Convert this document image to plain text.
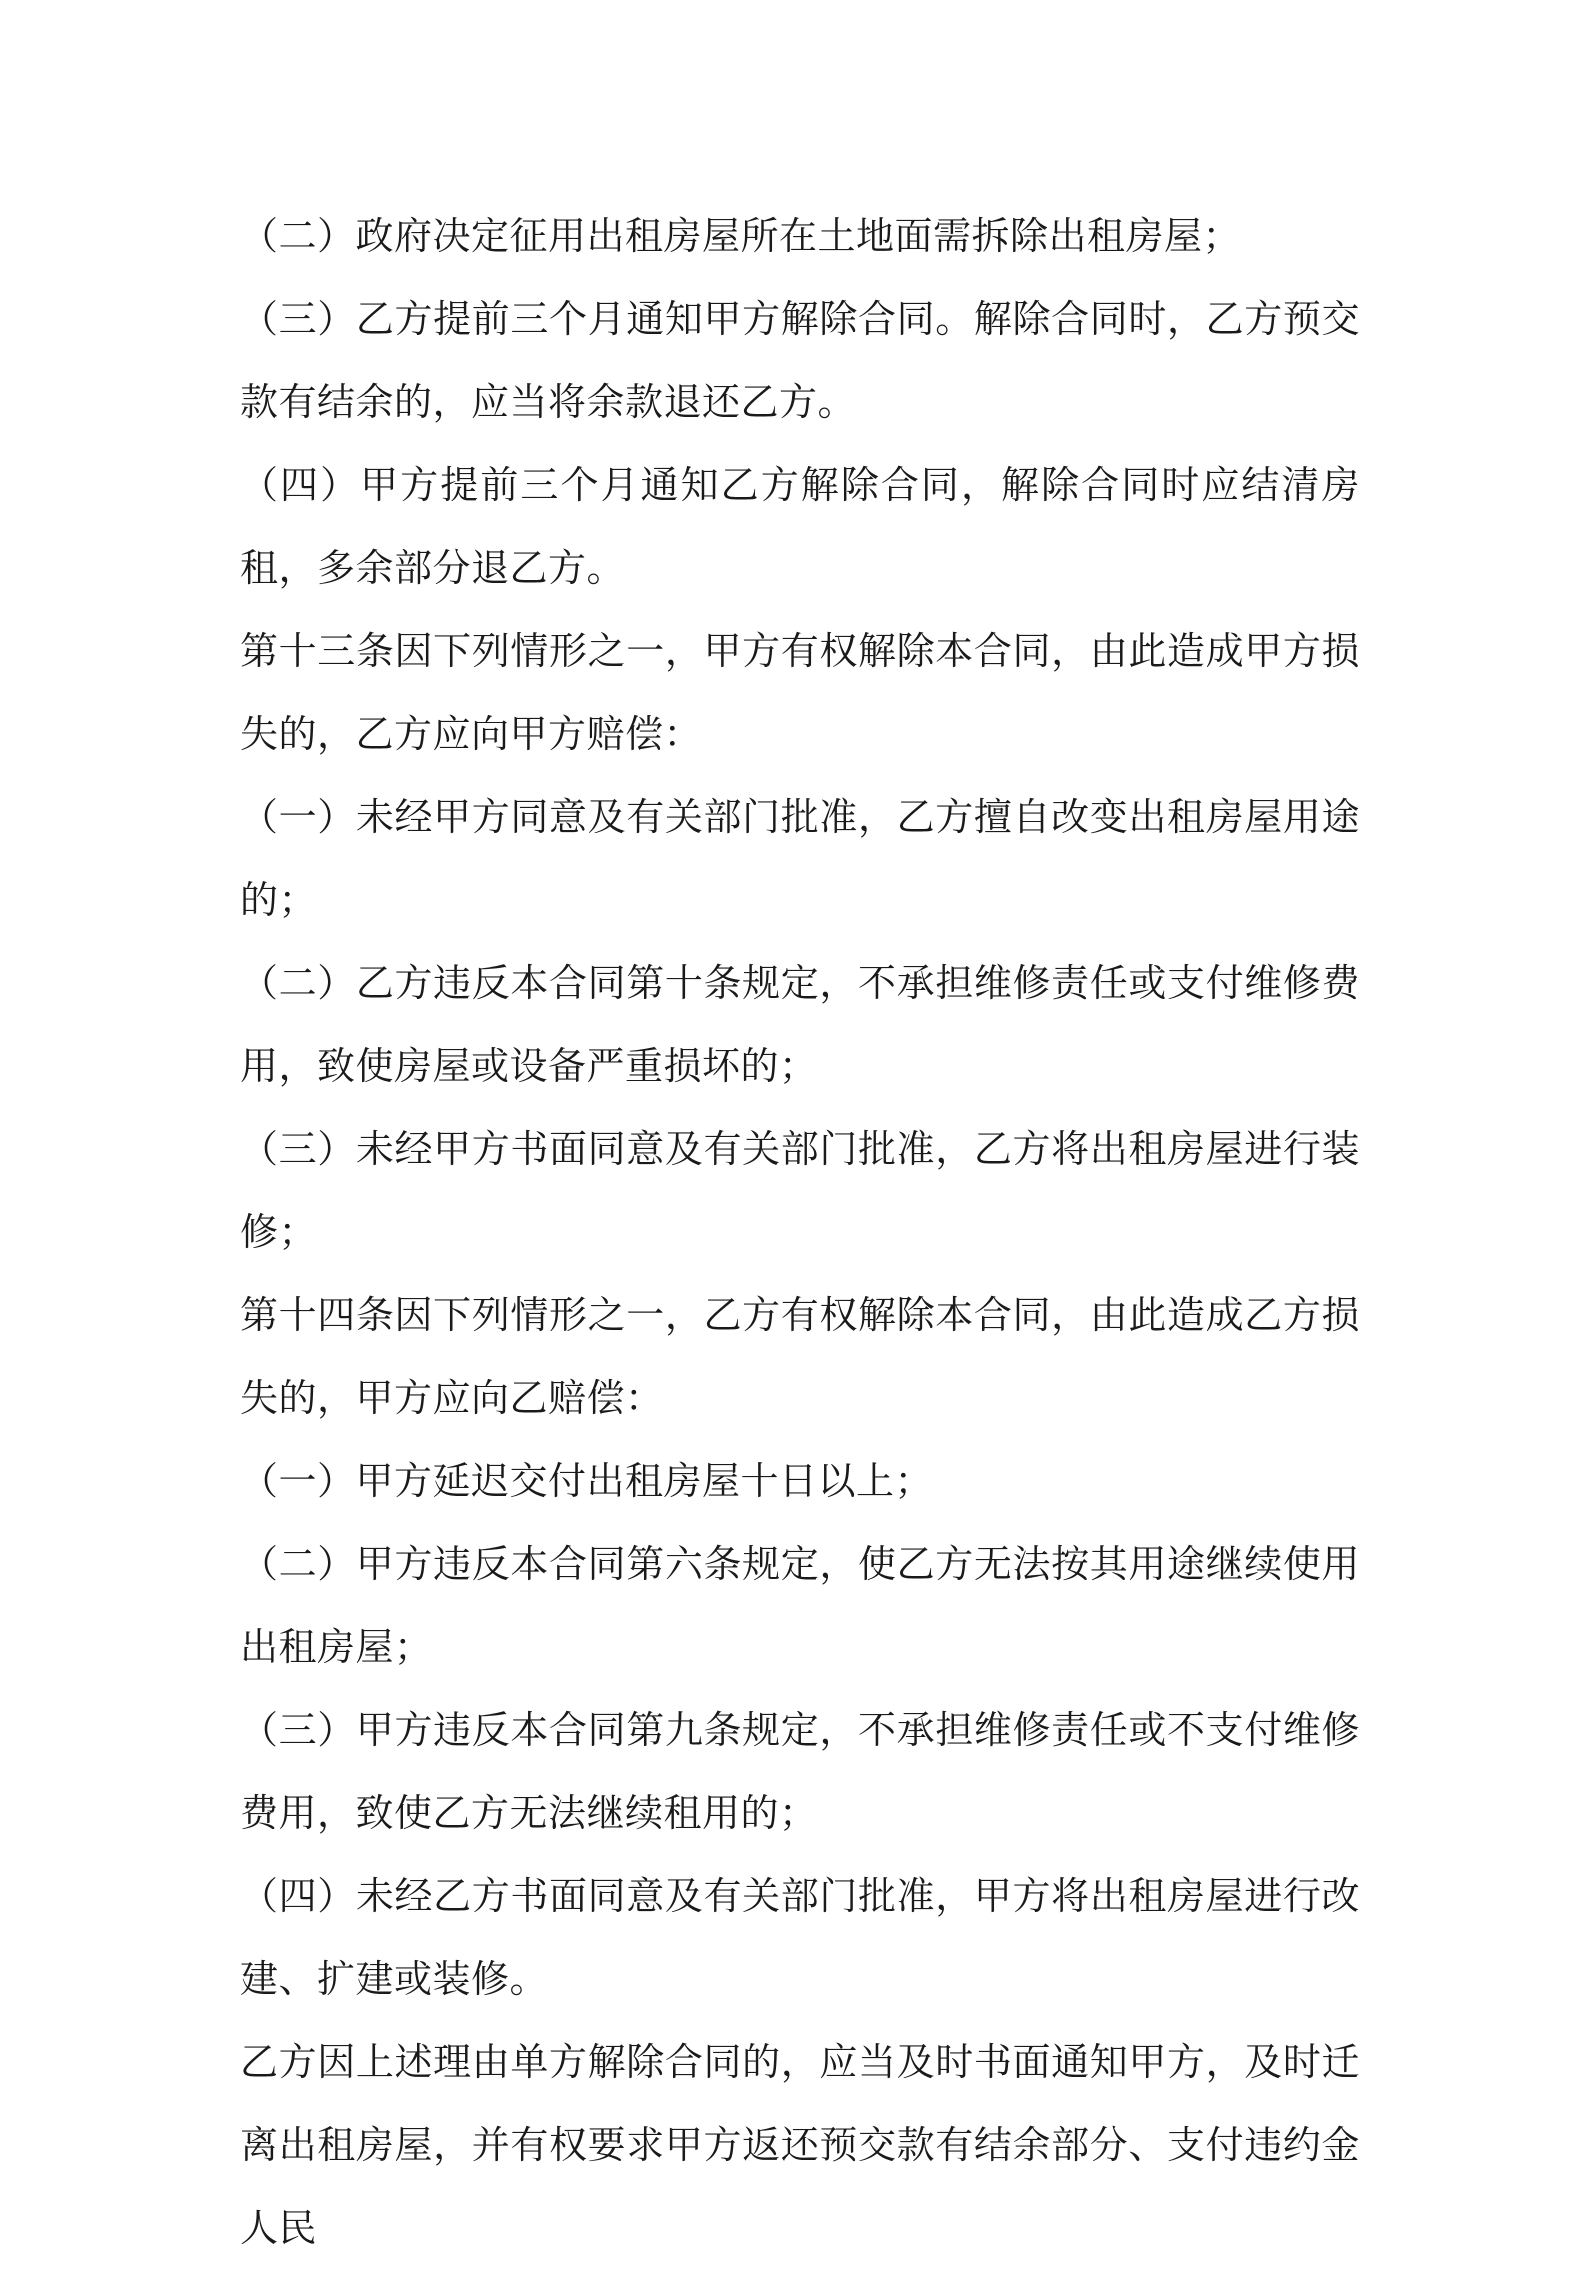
（二）政府决定征用出租房屋所在土地面需拆除出租房屋；

（三）乙方提前三个月通知甲方解除合同。解除合同时，乙方预交款有结余的，应当将余款退还乙方。

（四）甲方提前三个月通知乙方解除合同，解除合同时应结清房租，多余部分退乙方。

第十三条因下列情形之一，甲方有权解除本合同，由此造成甲方损失的，乙方应向甲方赔偿：

（一）未经甲方同意及有关部门批准，乙方擅自改变出租房屋用途的；

（二）乙方违反本合同第十条规定，不承担维修责任或支付维修费用，致使房屋或设备严重损坏的；

（三）未经甲方书面同意及有关部门批准，乙方将出租房屋进行装修；

第十四条因下列情形之一，乙方有权解除本合同，由此造成乙方损失的，甲方应向乙赔偿：

（一）甲方延迟交付出租房屋十日以上；

（二）甲方违反本合同第六条规定，使乙方无法按其用途继续使用出租房屋；

（三）甲方违反本合同第九条规定，不承担维修责任或不支付维修费用，致使乙方无法继续租用的；

（四）未经乙方书面同意及有关部门批准，甲方将出租房屋进行改建、扩建或装修。

乙方因上述理由单方解除合同的，应当及时书面通知甲方，及时迁离出租房屋，并有权要求甲方返还预交款有结余部分、支付违约金人民
